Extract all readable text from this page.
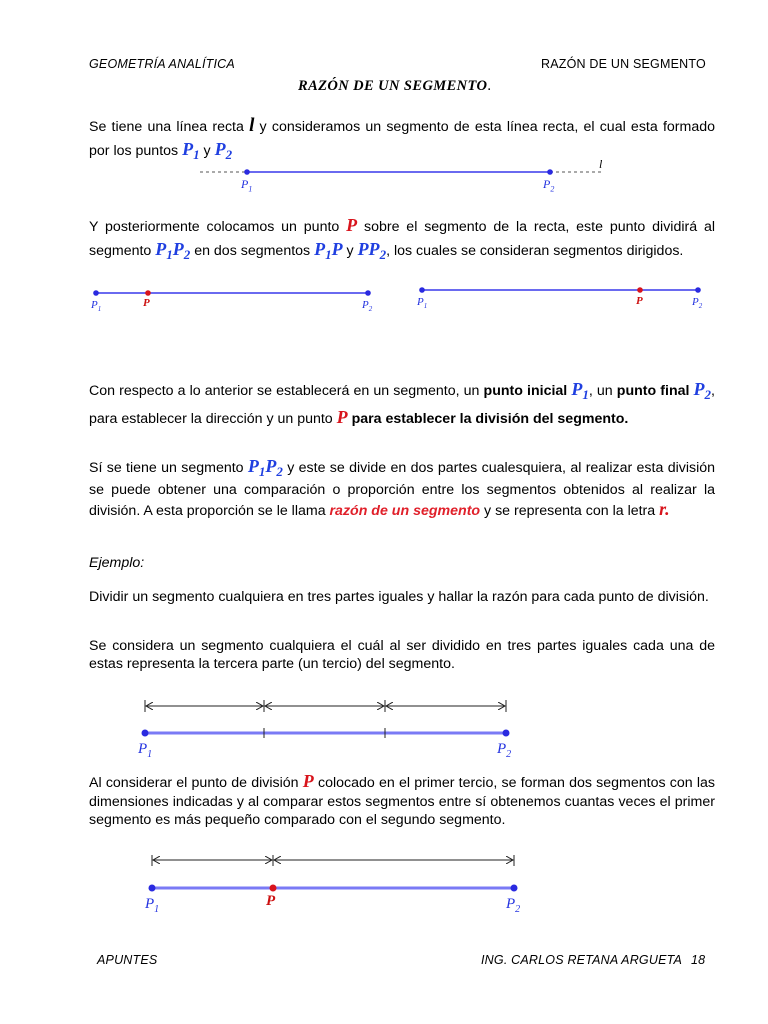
GEOMETRÍA ANALÍTICA	RAZÓN DE UN SEGMENTO
RAZÓN DE UN SEGMENTO.

Se tiene una línea recta l y consideramos un segmento de esta línea recta, el cual esta formado por los puntos $P_1$ y $P_2$

$P_1$	$P_2$
l

Y posteriormente colocamos un punto P sobre el segmento de la recta, este punto dividirá al segmento $P_1P_2$ en dos segmentos $P_1P$ y $PP_2$, los cuales se consideran segmentos dirigidos.

$P_1$
P	$P_2$
$P_1$	P	$P_2$

Con respecto a lo anterior se establecerá en un segmento, un punto inicial $P_1$, un punto final $P_2$, para establecer la dirección y un punto P para establecer la división del segmento.

Sí se tiene un segmento $P_1P_2$ y este se divide en dos partes cualesquiera, al realizar esta división se puede obtener una comparación o proporción entre los segmentos obtenidos al realizar la división. A esta proporción se le llama razón de un segmento y se representa con la letra r.

Ejemplo:
Dividir un segmento cualquiera en tres partes iguales y hallar la razón para cada punto de división.
Se considera un segmento cualquiera el cuál al ser dividido en tres partes iguales cada una de estas representa la tercera parte (un tercio) del segmento.
$P_1$	$P_2$

Al considerar el punto de división P colocado en el primer tercio, se forman dos segmentos con las dimensiones indicadas y al comparar estos segmentos entre sí obtenemos cuantas veces el primer segmento es más pequeño comparado con el segundo segmento.

$P_1$
P	$P_2$
APUNTES	ING. CARLOS RETANA ARGUETA 18
